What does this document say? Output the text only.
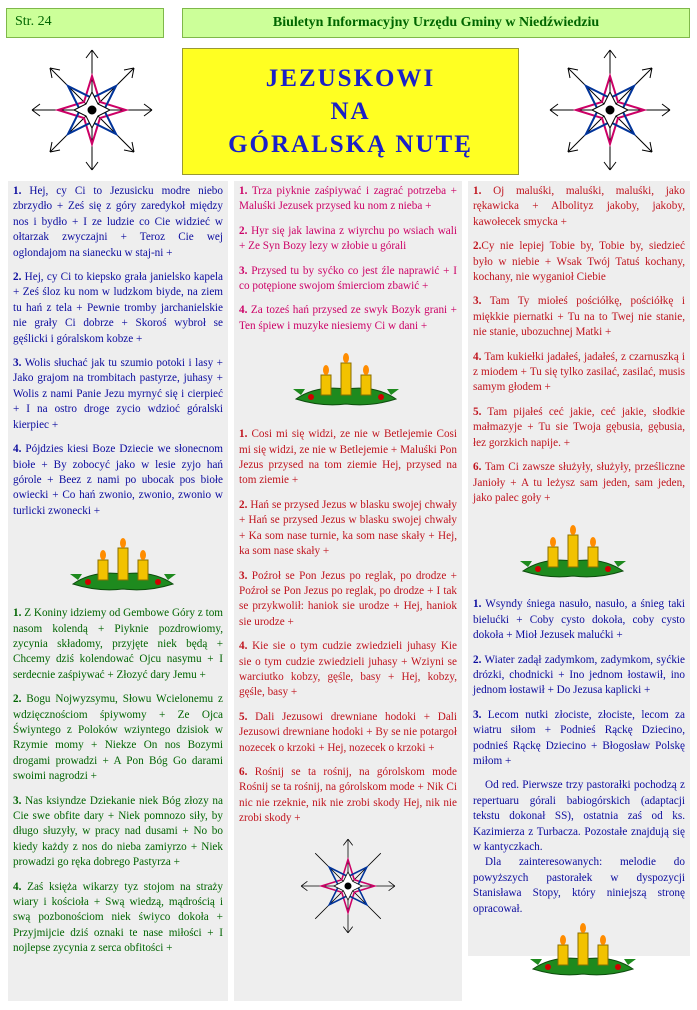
Str. 24	Biuletyn Informacyjny Urzędu Gminy w Niedźwiedziu
JEZUSKOWI
NA
GÓRALSKĄ NUTĘ

1. Hej, cy Ci to Jezusicku modre niebo zbrzydło + Ześ się z góry zaredykoł między nos i bydło + I ze ludzie co Cie widzieć w ołtarzak zwyczajni + Teroz Cie wej oglondajom na sianecku w staj-ni +

2. Hej, cy Ci to kiepsko grała janielsko kapela + Ześ śloz ku nom w ludzkom biyde, na ziem tu hań z tela + Pewnie tromby jarchanielskie nie grały Ci dobrze + Skoroś wybroł se gęślicki i góralskom kobze +

3. Wolis słuchać jak tu szumio potoki i lasy + Jako grajom na trombitach pastyrze, juhasy + Wolis z nami Panie Jezu myrnyć się i cierpieć + I na ostro droge zycio wdzioć góralski kierpiec +

4. Pójdzies kiesi Boze Dziecie we słonecnom biołe + By zobocyć jako w lesie zyjo hań górole + Beez z nami po ubocak pos biołe owiecki + Co hań zwonio, zwonio, zwonio w turlicki zwonecki +

1. Z Koniny idziemy od Gembowe Góry z tom nasom kolendą + Piyknie pozdrowiomy, zycynia składomy, przyjęte niek będą + Chcemy dziś kolendować Ojcu nasymu + I serdecnie zaśpiywać + Złozyć dary Jemu +

2. Bogu Nojwyzsymu, Słowu Wcielonemu z wdzięcznościom śpiywomy + Ze Ojca Świyntego z Poloków wziyntego dzisiok w Rzymie momy + Niekze On nos Bozymi drogami prowadzi + A Pon Bóg Go darami swoimi nagrodzi +

3. Nas ksiyndze Dziekanie niek Bóg złozy na Cie swe obfite dary + Niek pomnozo siły, by długo słuzyły, w pracy nad dusami + No bo kiedy każdy z nos do nieba zamiyrzo + Niek prowadzi go ręka dobrego Pastyrza +

4. Zaś księża wikarzy tyz stojom na straży wiary i kościoła + Swą wiedzą, mądrością i swą pozbonościom niek świyco dokoła + Przyjmijcie dziś oznaki te nase miłości + I nojlepse zycynia z serca obfitości +

1. Trza piyknie zaśpiywać i zagrać potrzeba + Maluśki Jezusek przysed ku nom z nieba +

2. Hyr się jak lawina z wiyrchu po wsiach wali + Ze Syn Bozy lezy w złobie u górali

3. Przysed tu by syćko co jest źle naprawić + I co potępione swojom śmierciom zbawić +

4. Za toześ hań przysed ze swyk Bozyk grani + Ten śpiew i muzyke niesiemy Ci w dani +

1. Cosi mi się widzi, ze nie w Betlejemie Cosi mi się widzi, ze nie w Betlejemie + Maluśki Pon Jezus przysed na tom ziemie Hej, przysed na tom ziemie +

2. Hań se przysed Jezus w blasku swojej chwały + Hań se przysed Jezus w blasku swojej chwały + Ka som nase turnie, ka som nase skały + Hej, ka som nase skały +

3. Poźroł se Pon Jezus po reglak, po drodze + Poźroł se Pon Jezus po reglak, po drodze + I tak se przykwolił: haniok sie urodze + Hej, haniok sie urodze +

4. Kie sie o tym cudzie zwiedzieli juhasy Kie sie o tym cudzie zwiedzieli juhasy + Wziyni se warciutko kobzy, gęśle, basy + Hej, kobzy, gęśle, basy +

5. Dali Jezusowi drewniane hodoki + Dali Jezusowi drewniane hodoki + By se nie potargoł nozecek o krzoki + Hej, nozecek o krzoki +

6. Rośnij se ta rośnij, na górolskom mode Rośnij se ta rośnij, na górolskom mode + Nik Ci nic nie rzeknie, nik nie zrobi skody Hej, nik nie zrobi skody +

1. Oj maluśki, maluśki, maluśki, jako rękawicka + Albolityz jakoby, jakoby, kawołecek smycka +

2.Cy nie lepiej Tobie by, Tobie by, siedzieć było w niebie + Wsak Twój Tatuś kochany, kochany, nie wyganioł Ciebie

3. Tam Ty miołeś pościółkę, pościółkę i miękkie piernatki + Tu na to Twej nie stanie, nie stanie, ubozuchnej Matki +

4. Tam kukiełki jadałeś, jadałeś, z czarnuszką i z miodem + Tu się tylko zasilać, zasilać, musis samym głodem +

5. Tam pijałeś ceć jakie, ceć jakie, słodkie małmazyje + Tu sie Twoja gębusia, gębusia, łez gorzkich napije. +

6. Tam Ci zawsze służyły, służyły, prześliczne Janioły + A tu leżysz sam jeden, sam jeden, jako palec goły +

1. Wsyndy śniega nasuło, nasuło, a śnieg taki bielućki + Coby cysto dokoła, coby cysto dokoła + Mioł Jezusek malućki +

2. Wiater zadął zadymkom, zadymkom, syćkie drózki, chodnicki + Ino jednom łostawił, ino jednom łostawił + Do Jezusa kaplicki +

3. Lecom nutki złociste, złociste, lecom za wiatru siłom + Podnieś Rąckę Dziecino, podnieś Rąckę Dziecino + Błogosław Polskę miłom +

Od red. Pierwsze trzy pastorałki pochodzą z repertuaru górali babiogórskich (adaptacji tekstu dokonał SS), ostatnia zaś od ks. Kazimierza z Turbacza. Pozostałe znajdują się w kantyczkach.

Dla zainteresowanych: melodie do powyższych pastorałek w dyspozycji Stanisława Stopy, który niniejszą stronę opracował.
